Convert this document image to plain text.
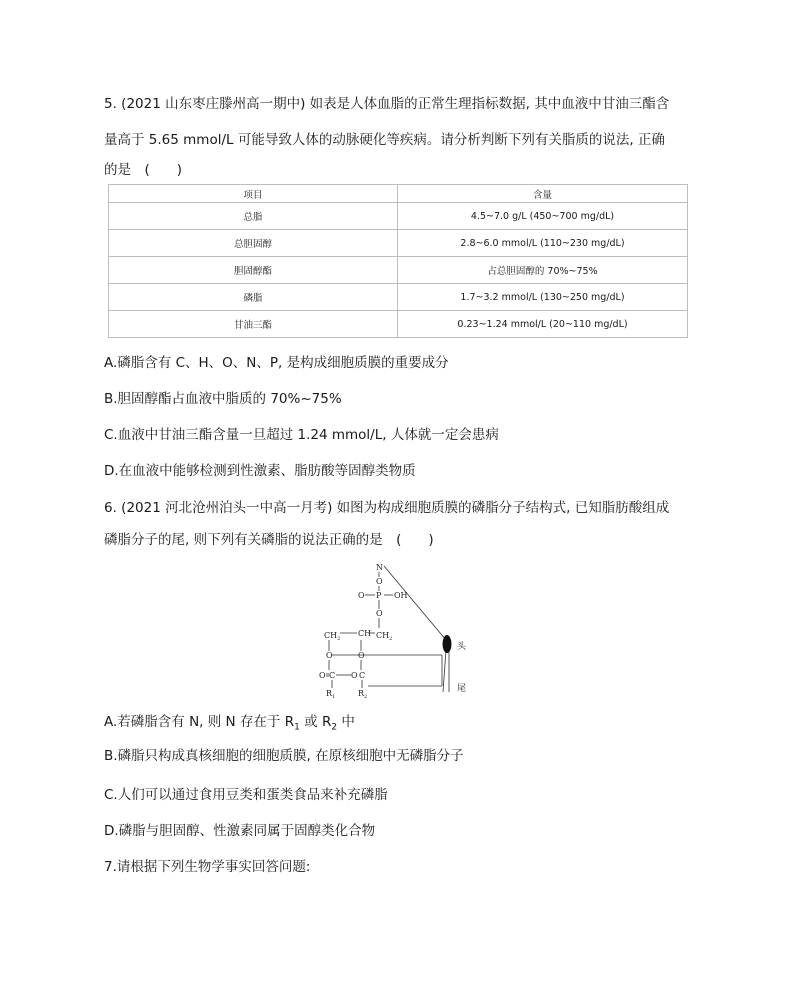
5. (2021 山东枣庄滕州高一期中) 如表是人体血脂的正常生理指标数据, 其中血液中甘油三酯含
量高于 5.65 mmol/L 可能导致人体的动脉硬化等疾病。请分析判断下列有关脂质的说法, 正确
的是　(　　)
项目	含量
总脂	4.5~7.0 g/L (450~700 mg/dL)
总胆固醇	2.8~6.0 mmol/L (110~230 mg/dL)
胆固醇酯	占总胆固醇的 70%~75%
磷脂	1.7~3.2 mmol/L (130~250 mg/dL)
甘油三酯	0.23~1.24 mmol/L (20~110 mg/dL)
A.磷脂含有 C、H、O、N、P, 是构成细胞质膜的重要成分
B.胆固醇酯占血液中脂质的 70%~75%
C.血液中甘油三酯含量一旦超过 1.24 mmol/L, 人体就一定会患病
D.在血液中能够检测到性激素、脂肪酸等固醇类物质
6. (2021 河北沧州泊头一中高一月考) 如图为构成细胞质膜的磷脂分子结构式, 已知脂肪酸组成
磷脂分子的尾, 则下列有关磷脂的说法正确的是　(　　)
N
O
O P OH
O
$CH_2$
CH $CH_2$
O	O
O C O C
$R_1$	$R_2$
头
尾
A.若磷脂含有 N, 则 N 存在于 $R_1$ 或 $R_2$ 中
B.磷脂只构成真核细胞的细胞质膜, 在原核细胞中无磷脂分子
C.人们可以通过食用豆类和蛋类食品来补充磷脂
D.磷脂与胆固醇、性激素同属于固醇类化合物
7.请根据下列生物学事实回答问题:
